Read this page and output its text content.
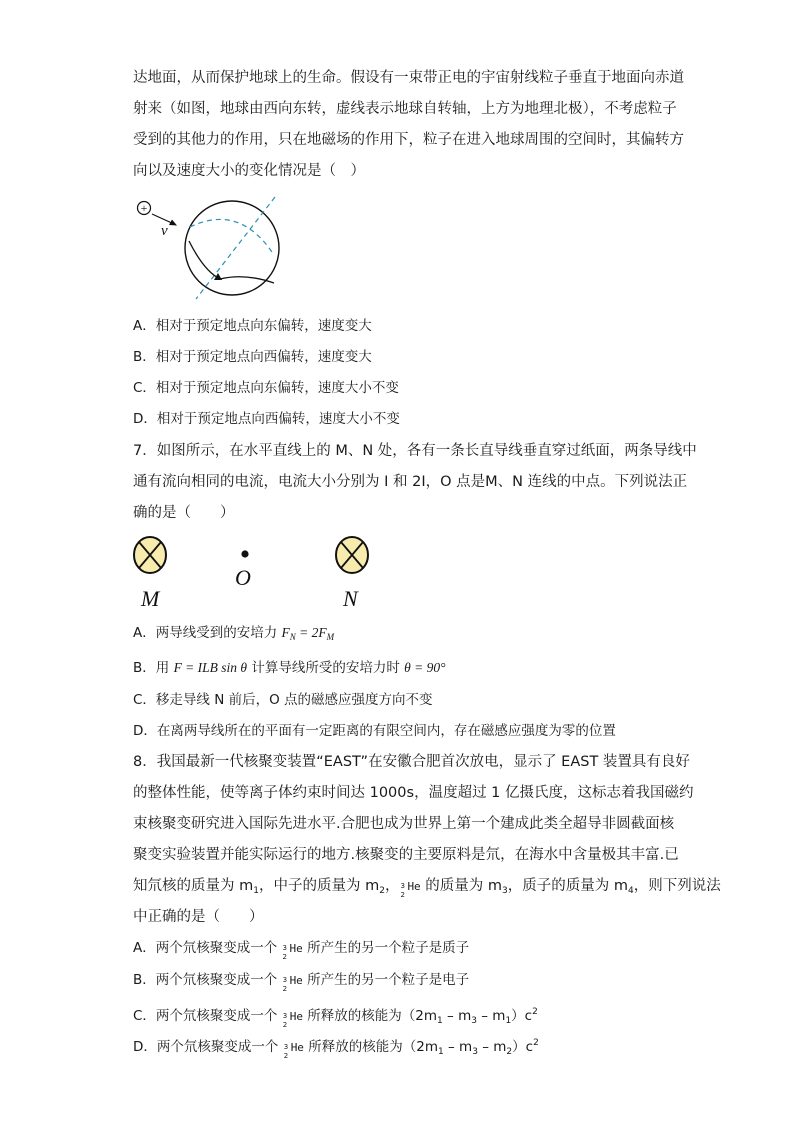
达地面，从而保护地球上的生命。假设有一束带正电的宇宙射线粒子垂直于地面向赤道
射来（如图，地球由西向东转，虚线表示地球自转轴，上方为地理北极），不考虑粒子
受到的其他力的作用，只在地磁场的作用下，粒子在进入地球周围的空间时，其偏转方
向以及速度大小的变化情况是（　）
+
v
A．相对于预定地点向东偏转，速度变大
B．相对于预定地点向西偏转，速度变大
C．相对于预定地点向东偏转，速度大小不变
D．相对于预定地点向西偏转，速度大小不变
7．如图所示，在水平直线上的 M、N 处，各有一条长直导线垂直穿过纸面，两条导线中
通有流向相同的电流，电流大小分别为 I 和 2I，O 点是M、N 连线的中点。下列说法正
确的是（　　）
M
O
N
A．两导线受到的安培力 $F_N = 2F_M$
B．用 F = ILB sin θ 计算导线所受的安培力时 θ = 90°
C．移走导线 N 前后，O 点的磁感应强度方向不变
D．在离两导线所在的平面有一定距离的有限空间内，存在磁感应强度为零的位置
8．我国最新一代核聚变装置“EAST”在安徽合肥首次放电，显示了 EAST 装置具有良好
的整体性能，使等离子体约束时间达 1000s，温度超过 1 亿摄氏度，这标志着我国磁约
束核聚变研究进入国际先进水平.合肥也成为世界上第一个建成此类全超导非圆截面核
聚变实验装置并能实际运行的地方.核聚变的主要原料是氘，在海水中含量极其丰富.已
知氘核的质量为 $m_1$，中子的质量为 $m_2$， 3
2
He 的质量为 $m_3$，质子的质量为 $m_4$，则下列说法
中正确的是（　　）
A．两个氘核聚变成一个 3
2
He 所产生的另一个粒子是质子
B．两个氘核聚变成一个 3
2
He 所产生的另一个粒子是电子
C．两个氘核聚变成一个 3
2
He 所释放的核能为$(2m_1 - m_3 - m_1)c^2$
D．两个氘核聚变成一个 3
2
He 所释放的核能为$(2m_1 - m_3 - m_2)c^2$
